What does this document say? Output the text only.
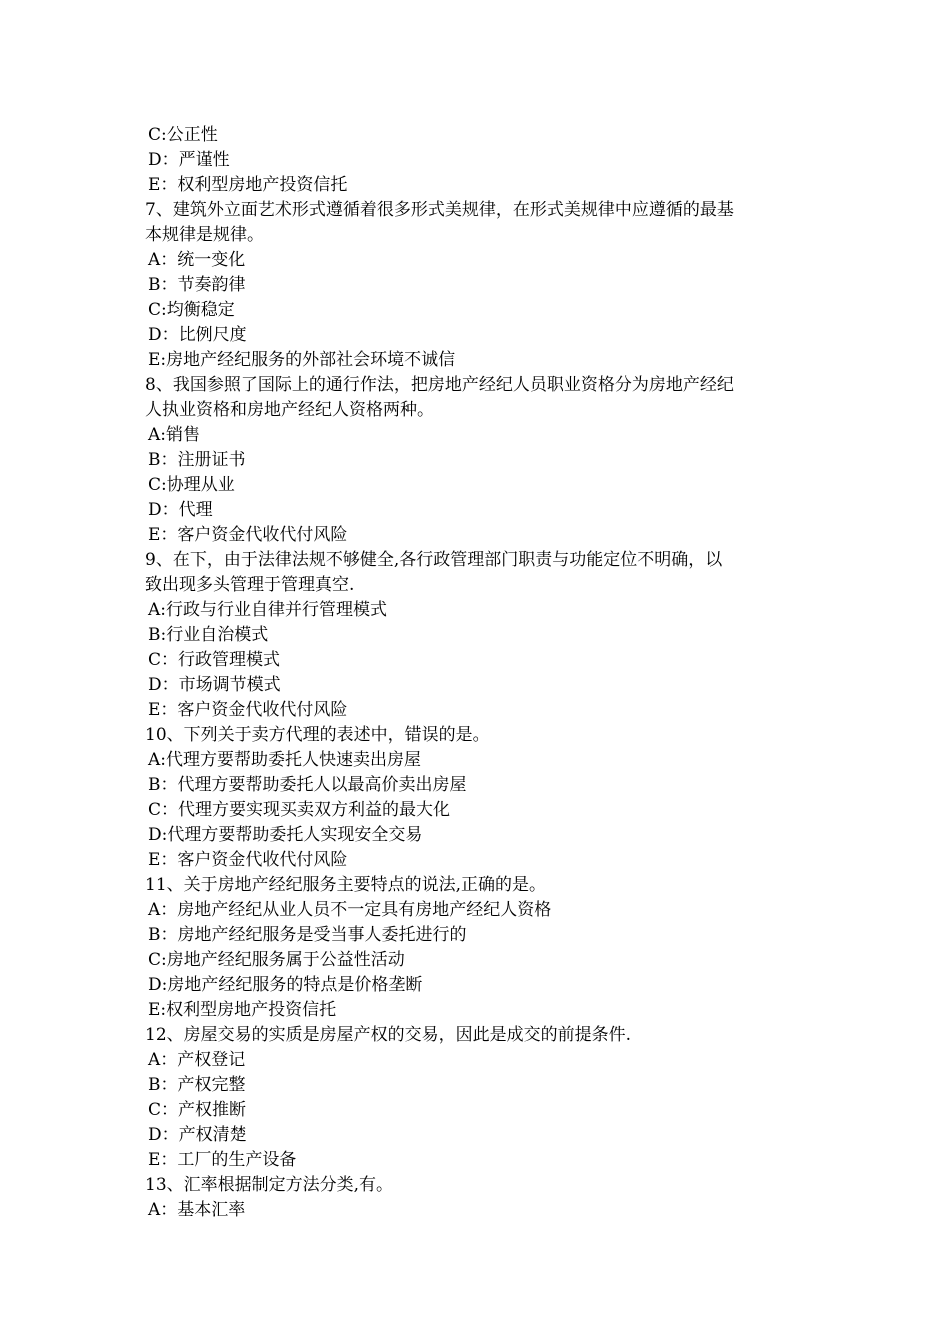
C:公正性
D：严谨性
E：权利型房地产投资信托
7、建筑外立面艺术形式遵循着很多形式美规律，在形式美规律中应遵循的最基
本规律是规律。
A：统一变化
B：节奏韵律
C:均衡稳定
D：比例尺度
E:房地产经纪服务的外部社会环境不诚信
8、我国参照了国际上的通行作法，把房地产经纪人员职业资格分为房地产经纪
人执业资格和房地产经纪人资格两种。
A:销售
B：注册证书
C:协理从业
D：代理
E：客户资金代收代付风险
9、在下，由于法律法规不够健全,各行政管理部门职责与功能定位不明确，以
致出现多头管理于管理真空.
A:行政与行业自律并行管理模式
B:行业自治模式
C：行政管理模式
D：市场调节模式
E：客户资金代收代付风险
10、下列关于卖方代理的表述中，错误的是。
A:代理方要帮助委托人快速卖出房屋
B：代理方要帮助委托人以最高价卖出房屋
C：代理方要实现买卖双方利益的最大化
D:代理方要帮助委托人实现安全交易
E：客户资金代收代付风险
11、关于房地产经纪服务主要特点的说法,正确的是。
A：房地产经纪从业人员不一定具有房地产经纪人资格
B：房地产经纪服务是受当事人委托进行的
C:房地产经纪服务属于公益性活动
D:房地产经纪服务的特点是价格垄断
E:权利型房地产投资信托
12、房屋交易的实质是房屋产权的交易，因此是成交的前提条件.
A：产权登记
B：产权完整
C：产权推断
D：产权清楚
E：工厂的生产设备
13、汇率根据制定方法分类,有。
A：基本汇率
